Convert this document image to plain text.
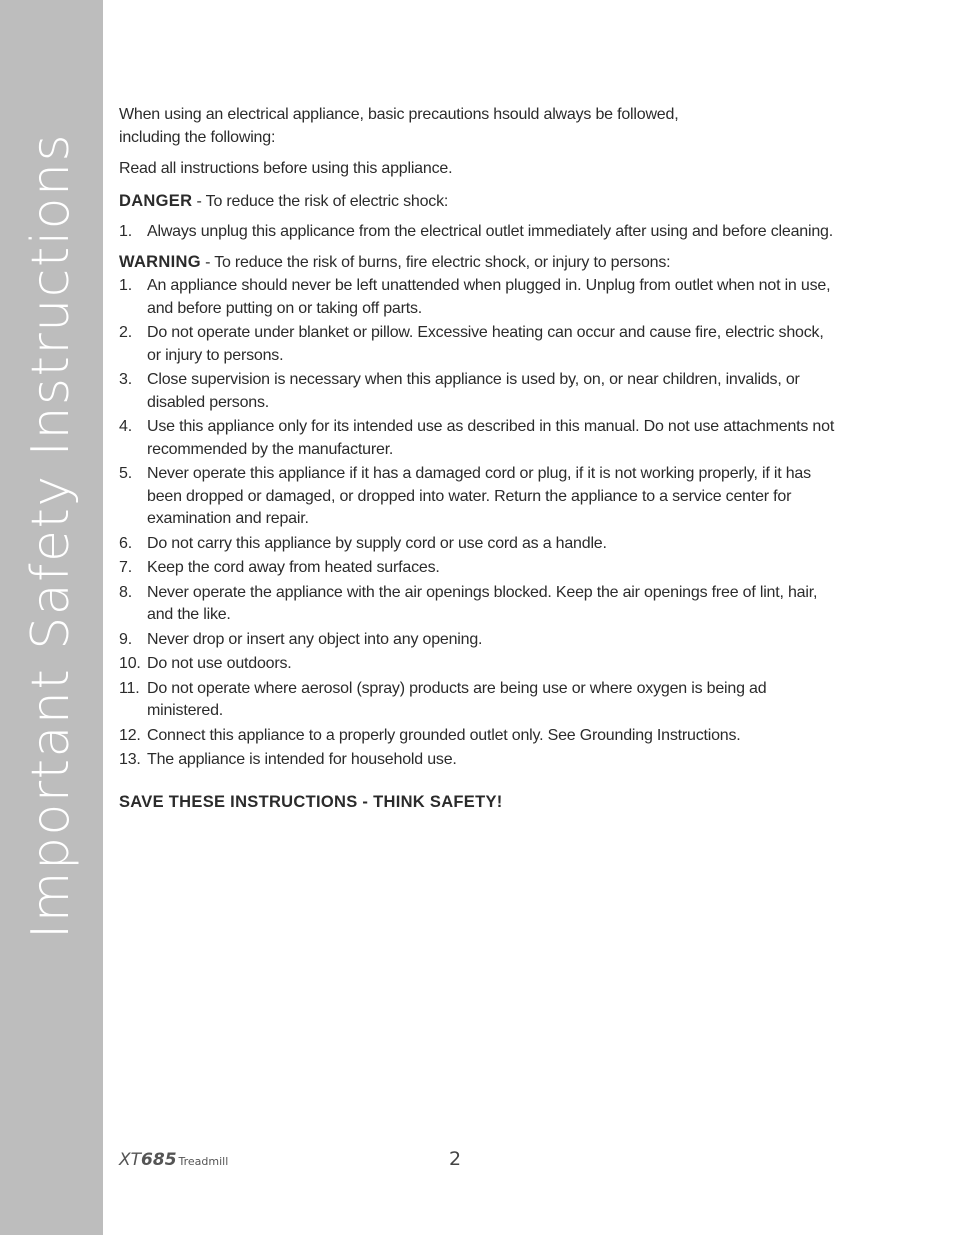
Important Safety Instructions

When using an electrical appliance, basic precautions hsould always be followed,
including the following:

Read all instructions before using this appliance.

DANGER - To reduce the risk of electric shock:

1. Always unplug this applicance from the electrical outlet immediately after using and before cleaning.

WARNING - To reduce the risk of burns, fire electric shock, or injury to persons:

1. An appliance should never be left unattended when plugged in. Unplug from outlet when not in use, and before putting on or taking off parts.
2. Do not operate under blanket or pillow. Excessive heating can occur and cause fire, electric shock, or injury to persons.
3. Close supervision is necessary when this appliance is used by, on, or near children, invalids, or disabled persons.
4. Use this appliance only for its intended use as described in this manual. Do not use attachments not recommended by the manufacturer.
5. Never operate this appliance if it has a damaged cord or plug, if it is not working properly, if it has been dropped or damaged, or dropped into water. Return the appliance to a service center for examination and repair.
6. Do not carry this appliance by supply cord or use cord as a handle.
7. Keep the cord away from heated surfaces.
8. Never operate the appliance with the air openings blocked. Keep the air openings free of lint, hair, and the like.
9. Never drop or insert any object into any opening.
10. Do not use outdoors.
11. Do not operate where aerosol (spray) products are being use or where oxygen is being ad ministered.
12. Connect this appliance to a properly grounded outlet only. See Grounding Instructions.
13. The appliance is intended for household use.

SAVE THESE INSTRUCTIONS - THINK SAFETY!

XT685 Treadmill	2
